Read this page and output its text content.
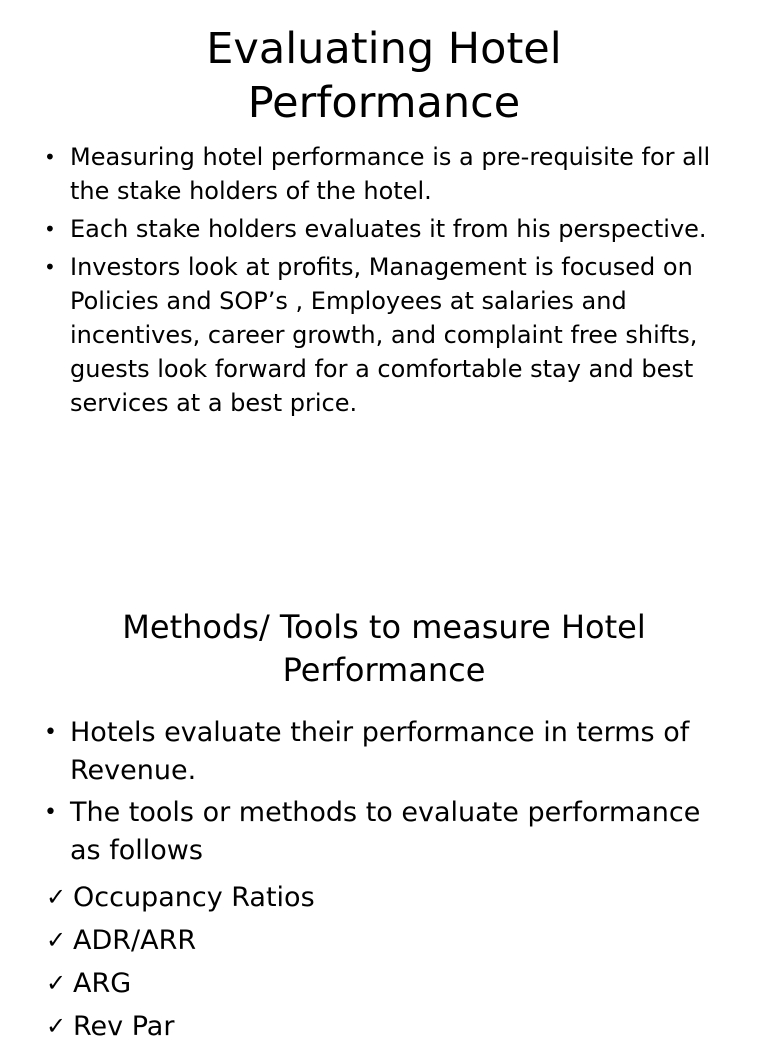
Evaluating Hotel
Performance
• Measuring hotel performance is a pre-requisite for all the stake holders of the hotel.
• Each stake holders evaluates it from his perspective.
• Investors look at profits, Management is focused on Policies and SOP’s , Employees at salaries and incentives, career growth, and complaint free shifts, guests look forward for a comfortable stay and best services at a best price.
Methods/ Tools to measure Hotel
Performance
• Hotels evaluate their performance in terms of Revenue.
• The tools or methods to evaluate performance as follows
✓ Occupancy Ratios
✓ ADR/ARR
✓ ARG
✓ Rev Par
